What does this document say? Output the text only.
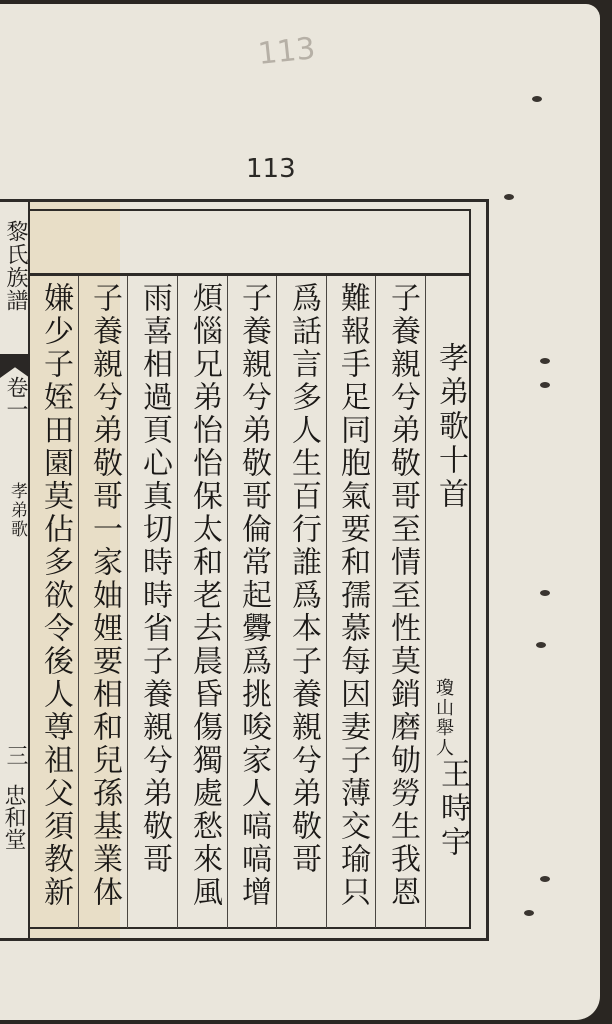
113
113
黎氏族譜
卷一
孝弟歌
三
忠和堂
孝弟歌十首
瓊山舉人
王時宇
子養親兮弟敬哥至情至性莫銷磨劬勞生我恩
難報手足同胞氣要和孺慕每因妻子薄交瑜只
爲話言多人生百行誰爲本子養親兮弟敬哥
子養親兮弟敬哥倫常起釁爲挑唆家人嗃嗃增
煩惱兄弟怡怡保太和老去晨昏傷獨處愁來風
雨喜相過頁心真切時時省子養親兮弟敬哥
子養親兮弟敬哥一家妯娌要相和兒孫基業体
嫌少子姪田園莫佔多欲令後人尊祖父須教新
